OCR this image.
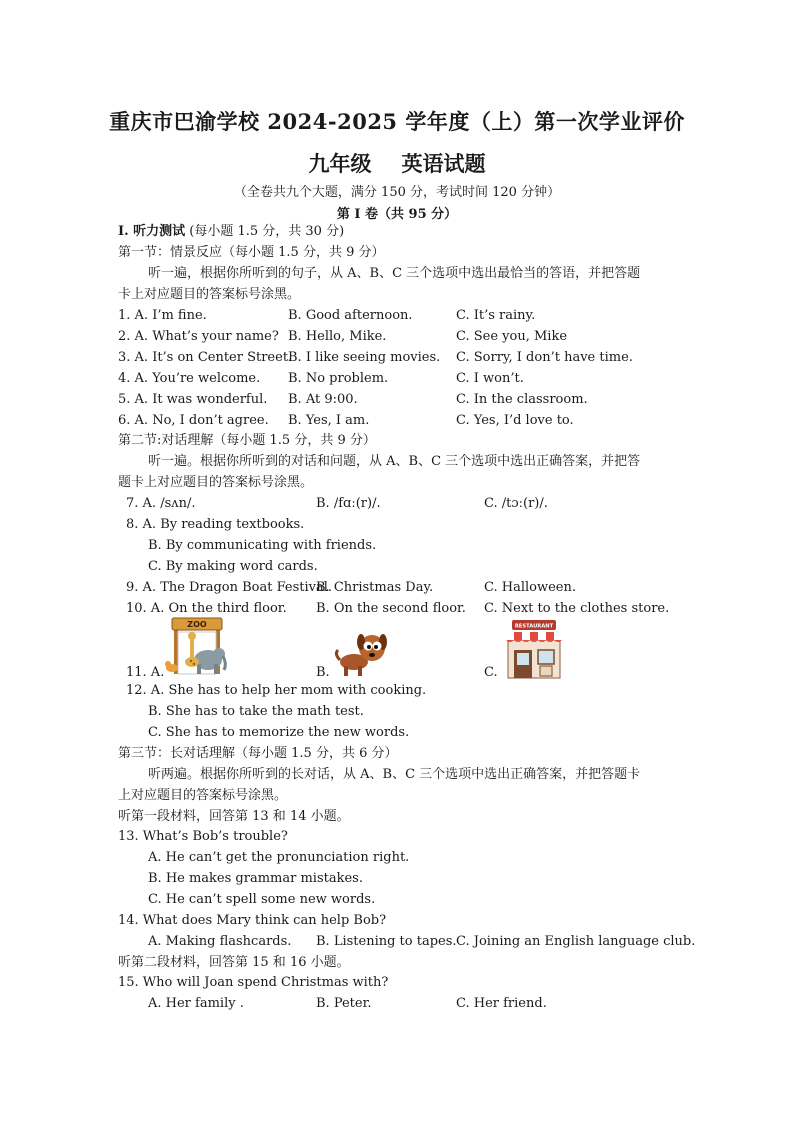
重庆市巴渝学校 2024-2025 学年度（上）第一次学业评价
九年级 英语试题
（全卷共九个大题，满分 150 分，考试时间 120 分钟）
第 I 卷（共 95 分）
I. 听力测试 (每小题 1.5 分，共 30 分)
第一节：情景反应（每小题 1.5 分，共 9 分）
听一遍，根据你所听到的句子，从 A、B、C 三个选项中选出最恰当的答语，并把答题
卡上对应题目的答案标号涂黑。
1. A. I’m fine.	B. Good afternoon.	C. It’s rainy.
2. A. What’s your name? B. Hello, Mike.	C. See you, Mike
3. A. It’s on Center Street.
B. I like seeing movies. C. Sorry, I don’t have time.
4. A. You’re welcome. B. No problem.	C. I won’t.
5. A. It was wonderful. B. At 9:00.	C. In the classroom.
6. A. No, I don’t agree. B. Yes, I am.	C. Yes, I’d love to.
第二节:对话理解（每小题 1.5 分，共 9 分）
听一遍。根据你所听到的对话和问题，从 A、B、C 三个选项中选出正确答案，并把答
题卡上对应题目的答案标号涂黑。
7. A. /sʌn/.	B. /fɑː(r)/.	C. /tɔː(r)/.
8. A. By reading textbooks.
B. By communicating with friends.
C. By making word cards.
9. A. The Dragon Boat Festival.
B. Christmas Day.	C. Halloween.
10. A. On the third floor. B. On the second floor. C. Next to the clothes store.
11. A.
ZOO
B.	C.
RESTAURANT
12. A. She has to help her mom with cooking.
B. She has to take the math test.
C. She has to memorize the new words.
第三节：长对话理解（每小题 1.5 分，共 6 分）
听两遍。根据你所听到的长对话，从 A、B、C 三个选项中选出正确答案，并把答题卡
上对应题目的答案标号涂黑。
听第一段材料，回答第 13 和 14 小题。
13. What’s Bob’s trouble?
A. He can’t get the pronunciation right.
B. He makes grammar mistakes.
C. He can’t spell some new words.
14. What does Mary think can help Bob?
A. Making flashcards. B. Listening to tapes. C. Joining an English language club.
听第二段材料，回答第 15 和 16 小题。
15. Who will Joan spend Christmas with?
A. Her family .	B. Peter.	C. Her friend.
